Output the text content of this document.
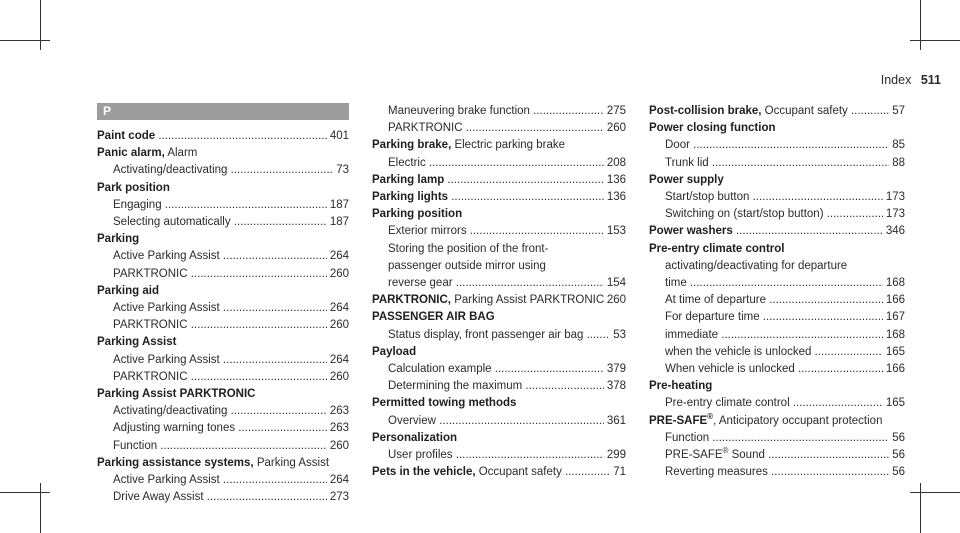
Index 511
P
Paint code .....	401
Panic alarm, Alarm
Activating/deactivating .....	73
Park position
Engaging .....	187
Selecting automatically .....	187
Parking
Active Parking Assist .....	264
PARKTRONIC .....	260
Parking aid
Active Parking Assist .....	264
PARKTRONIC .....	260
Parking Assist
Active Parking Assist .....	264
PARKTRONIC .....	260
Parking Assist PARKTRONIC
Activating/deactivating .....	263
Adjusting warning tones .....	263
Function .....	260
Parking assistance systems, Parking Assist
Active Parking Assist .....	264
Drive Away Assist .....	273
Maneuvering brake function .....	275
PARKTRONIC .....	260
Parking brake, Electric parking brake
Electric .....	208
Parking lamp .....	136
Parking lights .....	136
Parking position
Exterior mirrors .....	153
Storing the position of the front-
passenger outside mirror using
reverse gear .....	154
PARKTRONIC, Parking Assist PARKTRONIC ..... 260
PASSENGER AIR BAG
Status display, front passenger air bag .....	53
Payload
Calculation example .....	379
Determining the maximum .....	378
Permitted towing methods
Overview .....	361
Personalization
User profiles .....	299
Pets in the vehicle, Occupant safety .....	71
Post-collision brake, Occupant safety .....	57
Power closing function
Door .....	85
Trunk lid .....	88
Power supply
Start/stop button .....	173
Switching on (start/stop button) .....	173
Power washers .....	346
Pre-entry climate control
activating/deactivating for departure
time .....	168
At time of departure .....	166
For departure time .....	167
immediate .....	168
when the vehicle is unlocked .....	165
When vehicle is unlocked .....	166
Pre-heating
Pre-entry climate control .....	165
PRE-SAFE®, Anticipatory occupant protection
Function .....	56
PRE-SAFE® Sound .....	56
Reverting measures .....	56
